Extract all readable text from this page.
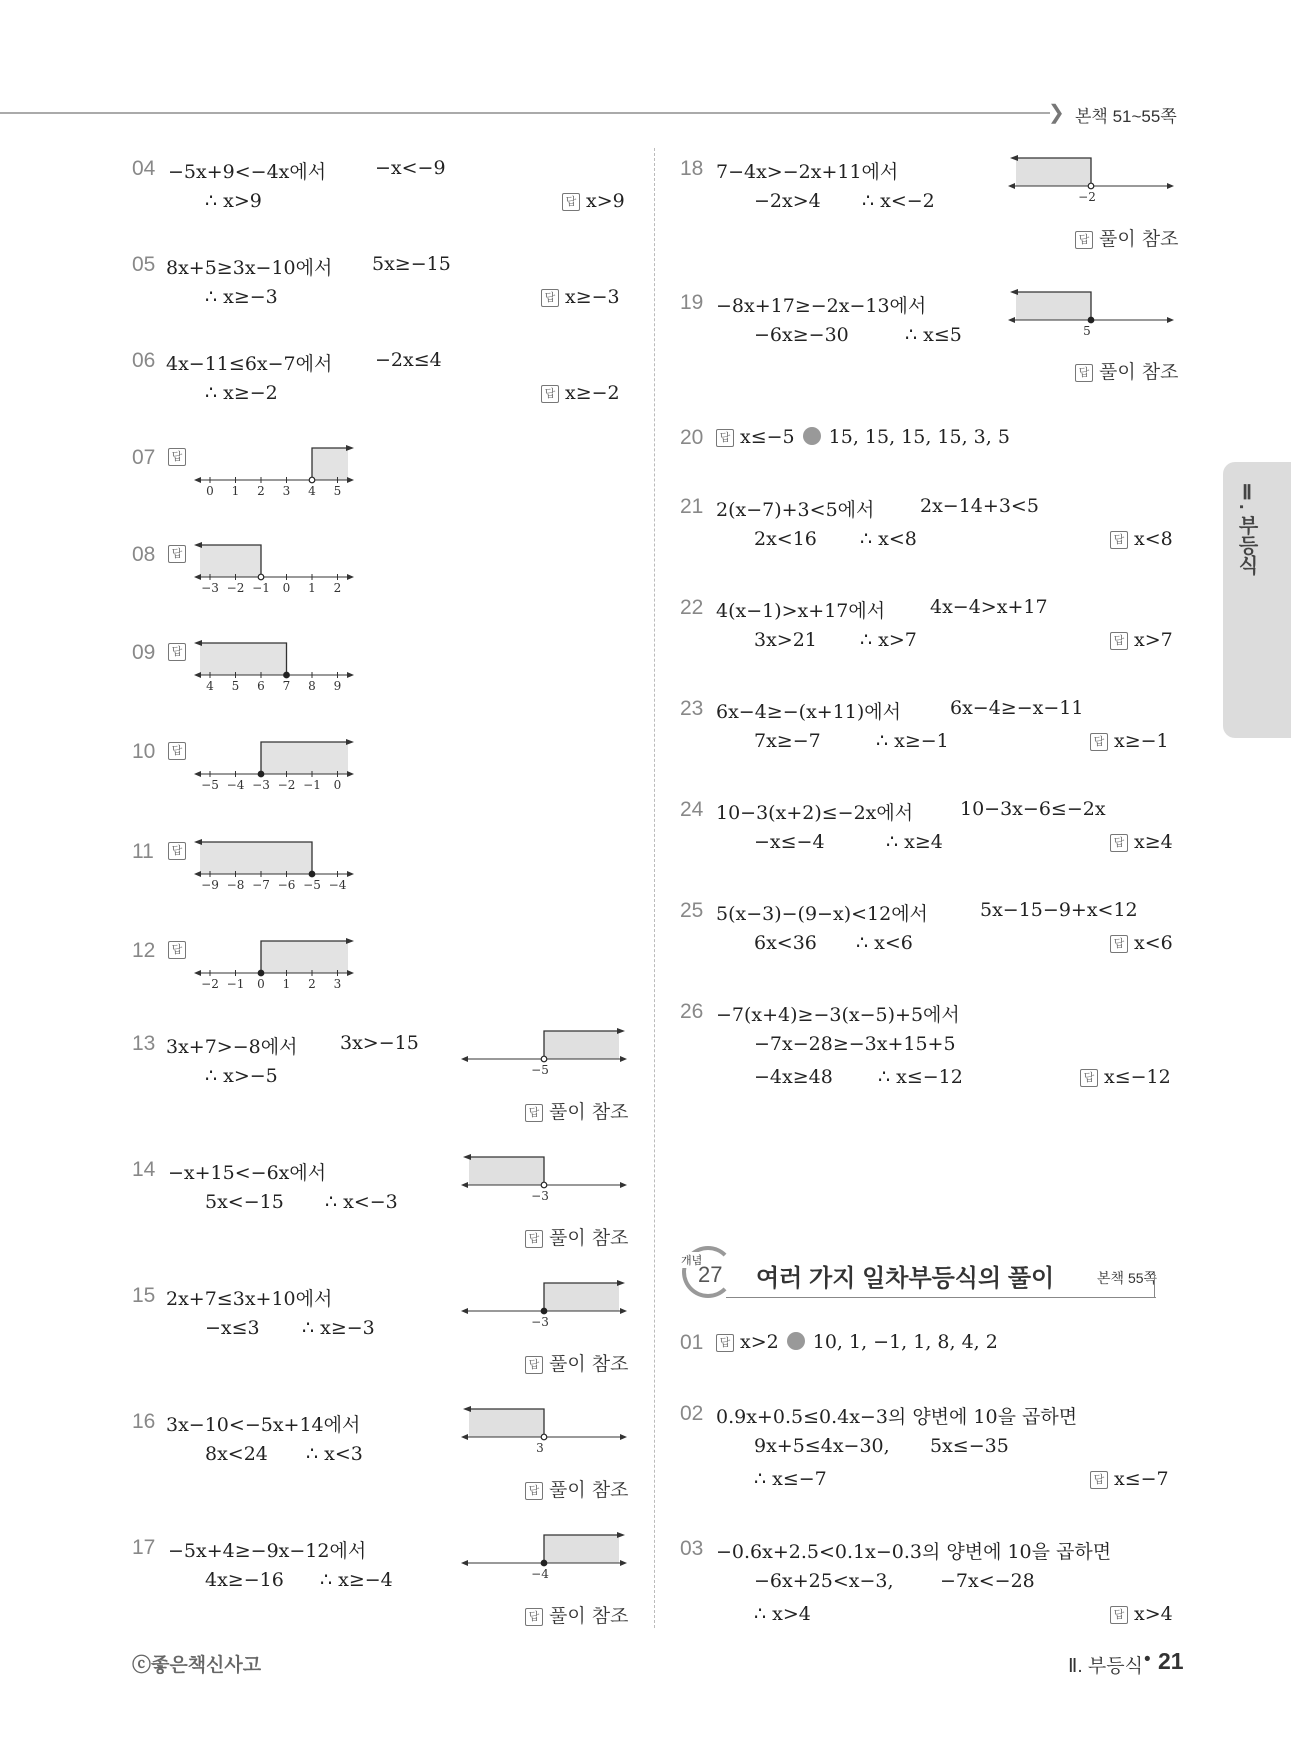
❯ 본책 51~55쪽
Ⅱ. 부등식
04 −5x+9<−4x에서	−x<−9
∴ x>9	답 x>9
05 8x+5≥3x−10에서 5x≥−15
∴ x≥−3	답 x≥−3
06 4x−11≤6x−7에서 −2x≤4
∴ x≥−2	답 x≥−2
07	답
0 1 2 3 4 5
08	답
−3 −2 −1 0 1 2
09	답
4 5 6 7 8 9
10	답
−5 −4 −3 −2 −1 0
11	답
−9 −8 −7 −6 −5 −4
12	답
−2 −1 0 1 2 3
13 3x+7>−8에서 3x>−15
∴ x>−5	−5
답 풀이 참조
14 −x+15<−6x에서
5x<−15 ∴ x<−3	−3
답 풀이 참조
15 2x+7≤3x+10에서
−x≤3 ∴ x≥−3	−3
답 풀이 참조
16 3x−10<−5x+14에서
8x<24 ∴ x<3	3
답 풀이 참조
17 −5x+4≥−9x−12에서
4x≥−16 ∴ x≥−4	−4
답 풀이 참조
18 7−4x>−2x+11에서
−2x>4 ∴ x<−2	−2
답 풀이 참조
19 −8x+17≥−2x−13에서
−6x≥−30	∴ x≤5	5
답 풀이 참조
20	답 x≤−5 15, 15, 15, 15, 3, 5
21 2(x−7)+3<5에서 2x−14+3<5
2x<16 ∴ x<8	답 x<8
22 4(x−1)>x+17에서 4x−4>x+17
3x>21 ∴ x>7	답 x>7
23 6x−4≥−(x+11)에서	6x−4≥−x−11
7x≥−7	∴ x≥−1	답 x≥−1
24 10−3(x+2)≤−2x에서 10−3x−6≤−2x
−x≤−4	∴ x≥4	답 x≥4
25 5(x−3)−(9−x)<12에서	5x−15−9+x<12
6x<36 ∴ x<6	답 x<6
26 −7(x+4)≥−3(x−5)+5에서
−7x−28≥−3x+15+5
−4x≥48 ∴ x≤−12	답 x≤−12
개념
27 여러 가지 일차부등식의 풀이	본책 55쪽
01	답 x>2 10, 1, −1, 1, 8, 4, 2
02 0.9x+0.5≤0.4x−3의 양변에 10을 곱하면
9x+5≤4x−30, 5x≤−35
∴ x≤−7	답 x≤−7
03 −0.6x+2.5<0.1x−0.3의 양변에 10을 곱하면
−6x+25<x−3, −7x<−28
∴ x>4	답 x>4
ⓒ좋은책신사고	Ⅱ. 부등식 • 21
